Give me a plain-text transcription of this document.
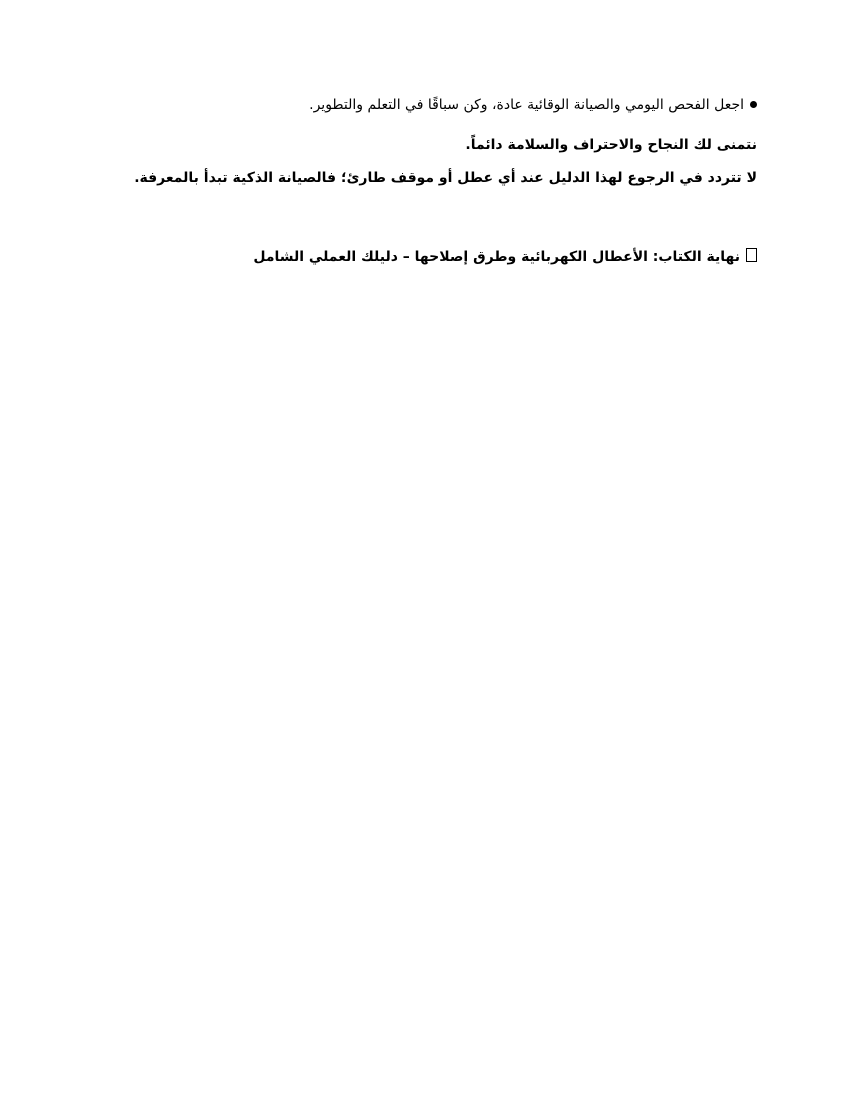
اجعل الفحص اليومي والصيانة الوقائية عادة، وكن سباقًا في التعلم والتطوير.
نتمنى لك النجاح والاحتراف والسلامة دائماً.
لا تتردد في الرجوع لهذا الدليل عند أي عطل أو موقف طارئ؛ فالصيانة الذكية تبدأ بالمعرفة.
نهاية الكتاب: الأعطال الكهربائية وطرق إصلاحها – دليلك العملي الشامل
